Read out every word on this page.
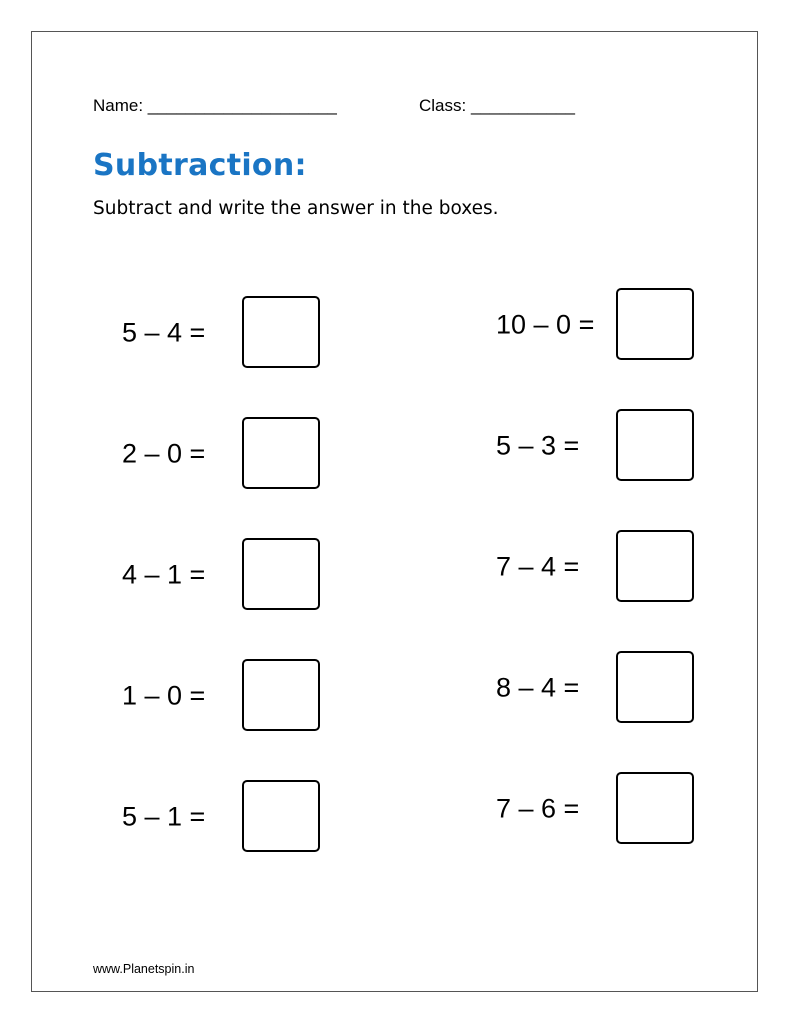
Name: ____________________	Class: ___________
Subtraction:
Subtract and write the answer in the boxes.
5 – 4 =
2 – 0 =
4 – 1 =
1 – 0 =
5 – 1 =
10 – 0 =
5 – 3 =
7 – 4 =
8 – 4 =
7 – 6 =
www.Planetspin.in
